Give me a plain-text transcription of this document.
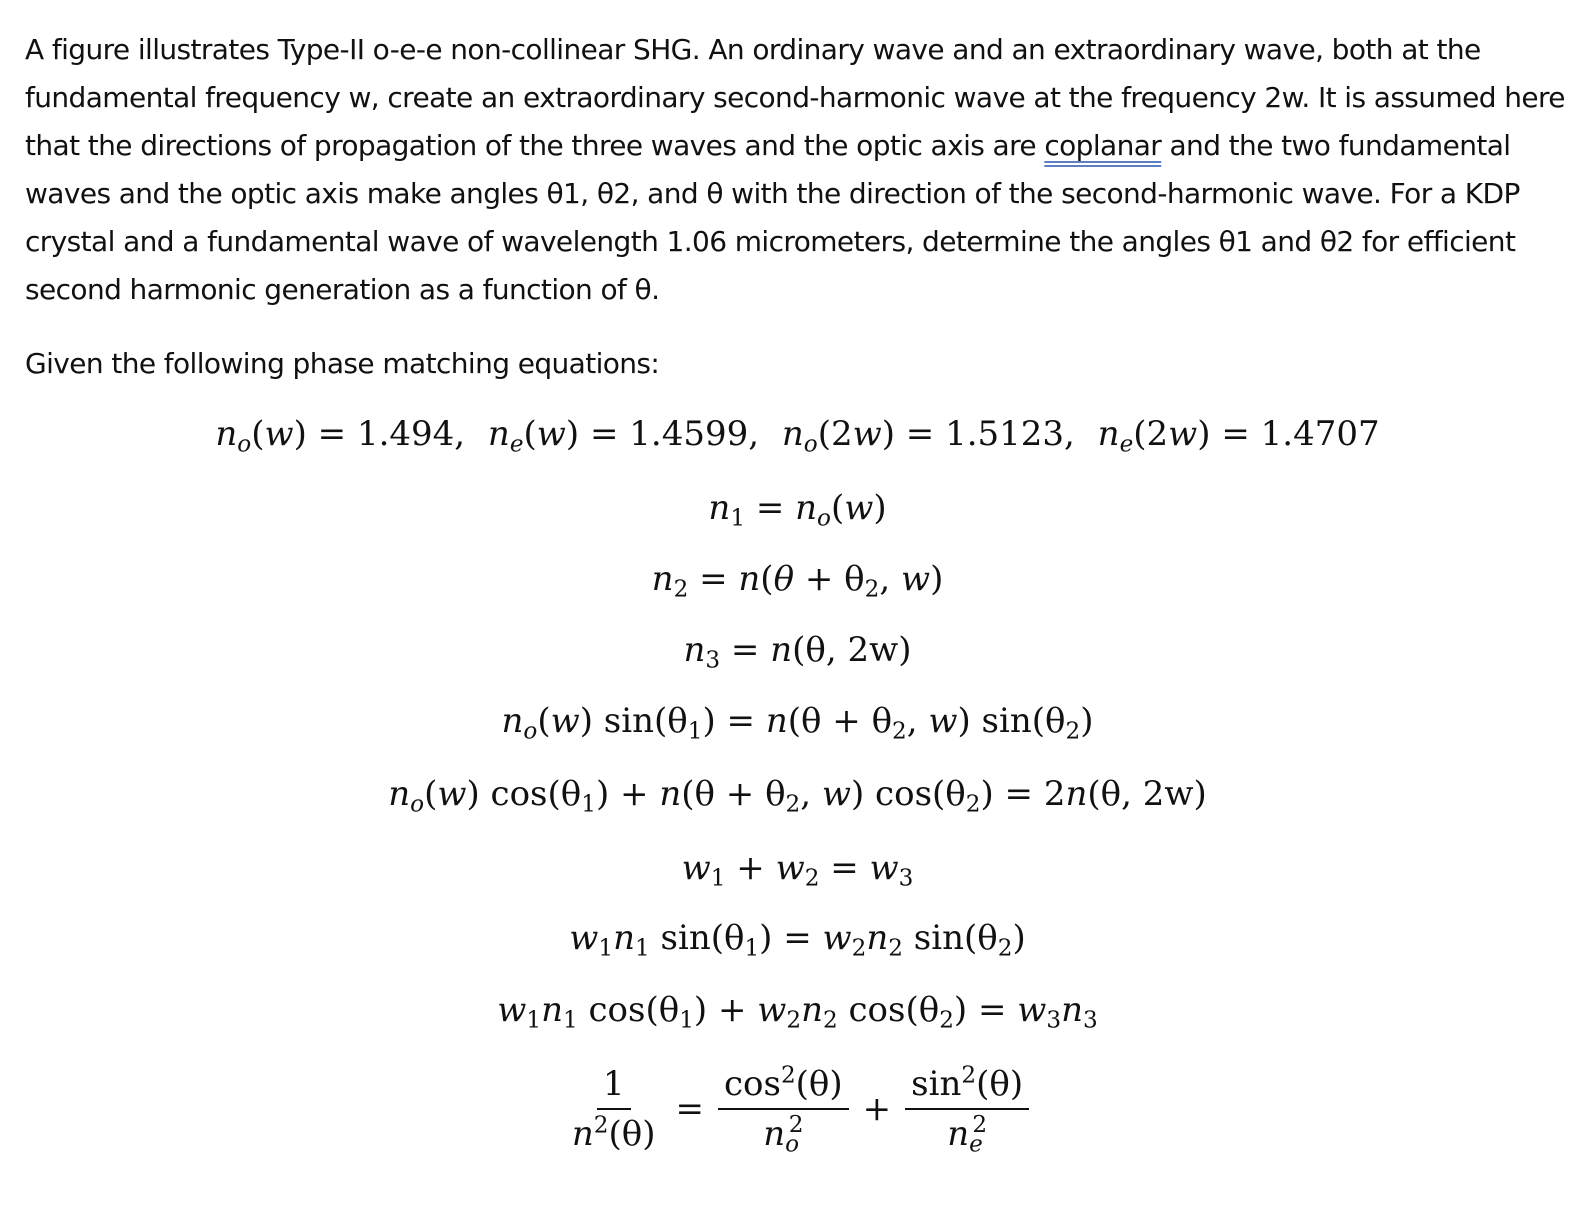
A figure illustrates Type-II o-e-e non-collinear SHG. An ordinary wave and an extraordinary wave, both at the fundamental frequency w, create an extraordinary second-harmonic wave at the frequency 2w. It is assumed here that the directions of propagation of the three waves and the optic axis are coplanar and the two fundamental waves and the optic axis make angles θ1, θ2, and θ with the direction of the second-harmonic wave. For a KDP crystal and a fundamental wave of wavelength 1.06 micrometers, determine the angles θ1 and θ2 for efficient second harmonic generation as a function of θ.

Given the following phase matching equations:

$n_o(w) = 1.494$, $n_e(w) = 1.4599$, $n_o(2w) = 1.5123$, $n_e(2w) = 1.4707$
$n_1 = n_o(w)$
$n_2 = n(\theta + \theta_2$, w)
$n_3 = n(\theta$, 2w)
$n_o(w) \sin(\theta_1) = n(\theta + \theta_2$, w) $\sin(\theta_2)$
$n_o(w) \cos(\theta_1) + n(\theta + \theta_2$, w) $\cos(\theta_2) = 2n(\theta$, 2w)
$w_1 + w_2 = w_3$
$w_1n_1$ $\sin(\theta_1) = w_2n_2$ $\sin(\theta_2)$
$w_1n_1$ $\cos(\theta_1) + w_2n_2$ $\cos(\theta_2) = w_3n_3$
$\frac{1}{n^2(\theta)} = \frac{\cos^2(\theta)}{n_o^2} + \frac{\sin^2(\theta)}{n_e^2}$
